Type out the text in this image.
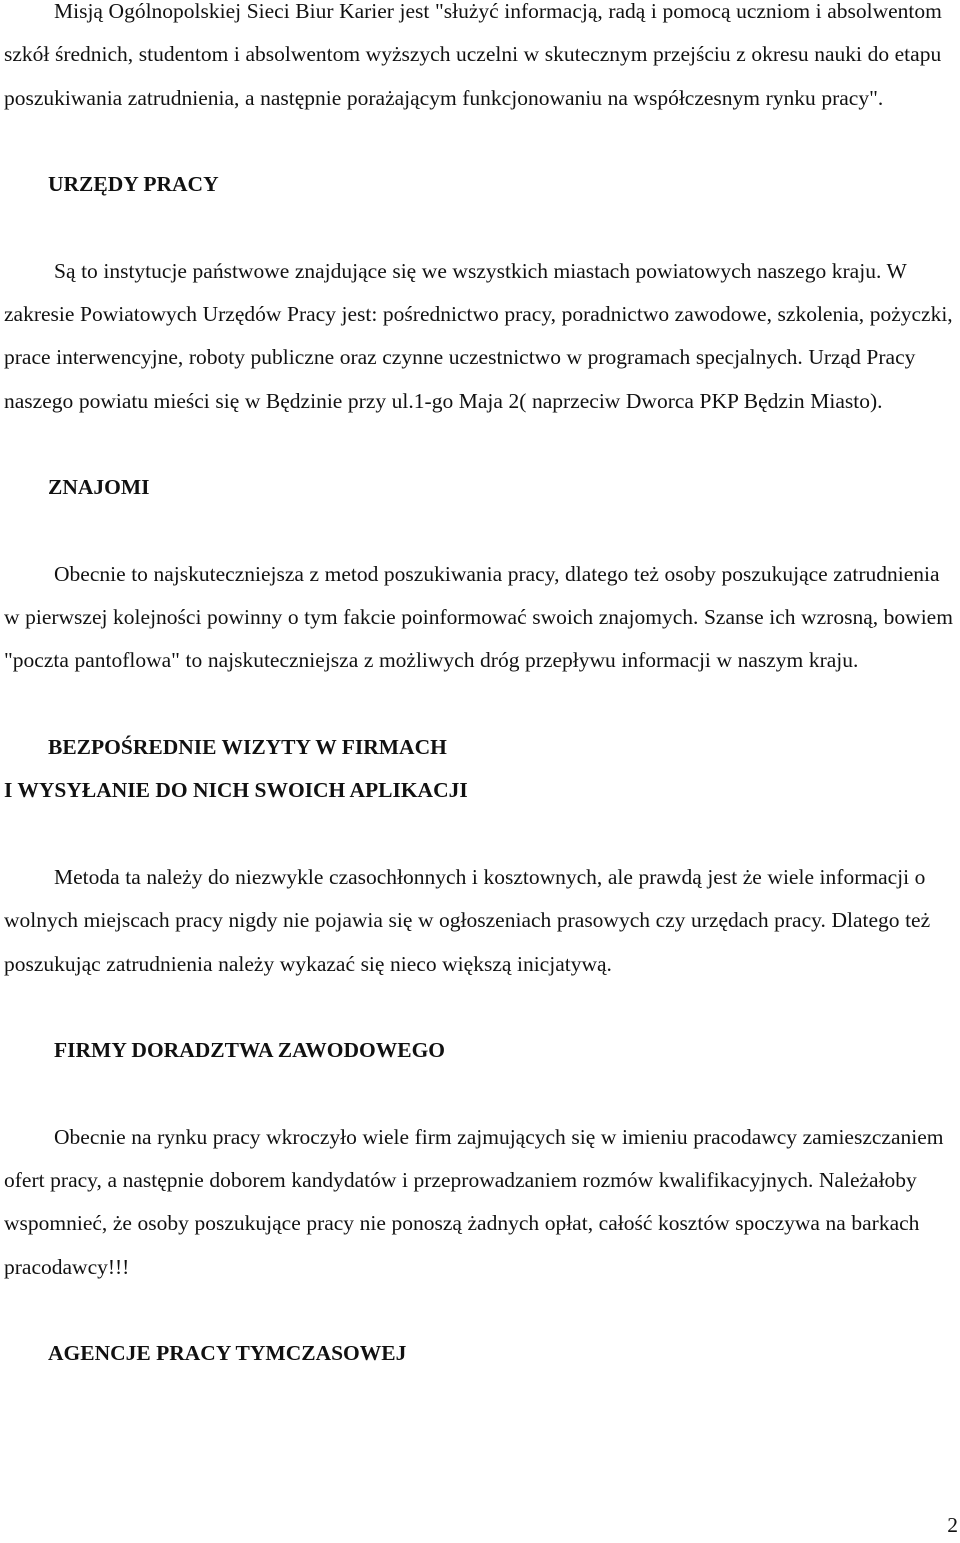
Misją Ogólnopolskiej Sieci Biur Karier jest "służyć informacją, radą i pomocą uczniom i absolwentom szkół średnich, studentom i absolwentom wyższych uczelni w skutecznym przejściu z okresu nauki do etapu poszukiwania zatrudnienia, a następnie porażającym funkcjonowaniu na współczesnym rynku pracy".

URZĘDY PRACY

Są to instytucje państwowe znajdujące się we wszystkich miastach powiatowych naszego kraju. W zakresie Powiatowych Urzędów Pracy jest: pośrednictwo pracy, poradnictwo zawodowe, szkolenia, pożyczki, prace interwencyjne, roboty publiczne oraz czynne uczestnictwo w programach specjalnych. Urząd Pracy naszego powiatu mieści się w Będzinie przy ul.1-go Maja 2( naprzeciw Dworca PKP Będzin Miasto).

ZNAJOMI

Obecnie to najskuteczniejsza z metod poszukiwania pracy, dlatego też osoby poszukujące zatrudnienia w pierwszej kolejności powinny o tym fakcie poinformować swoich znajomych. Szanse ich wzrosną, bowiem "poczta pantoflowa" to najskuteczniejsza z możliwych dróg przepływu informacji w naszym kraju.

BEZPOŚREDNIE WIZYTY W FIRMACH
I WYSYŁANIE DO NICH SWOICH APLIKACJI

Metoda ta należy do niezwykle czasochłonnych i kosztownych, ale prawdą jest że wiele informacji o wolnych miejscach pracy nigdy nie pojawia się w ogłoszeniach prasowych czy urzędach pracy. Dlatego też poszukując zatrudnienia należy wykazać się nieco większą inicjatywą.

FIRMY DORADZTWA ZAWODOWEGO

Obecnie na rynku pracy wkroczyło wiele firm zajmujących się w imieniu pracodawcy zamieszczaniem ofert pracy, a następnie doborem kandydatów i przeprowadzaniem rozmów kwalifikacyjnych. Należałoby wspomnieć, że osoby poszukujące pracy nie ponoszą żadnych opłat, całość kosztów spoczywa na barkach pracodawcy!!!

AGENCJE PRACY TYMCZASOWEJ
2
